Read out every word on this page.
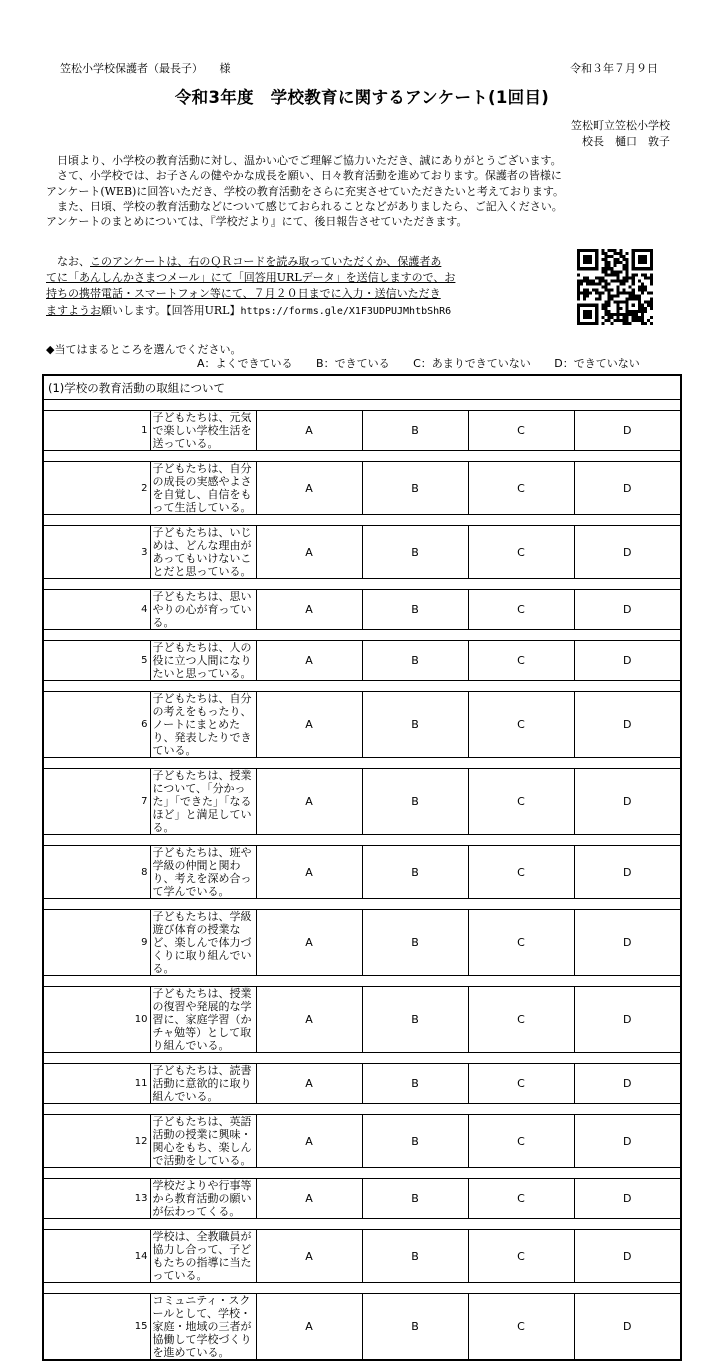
笠松小学校保護者（最長子）　　様	令和３年７月９日
令和3年度　学校教育に関するアンケート(1回目)
笠松町立笠松小学校
校長　樋口　敦子

　日頃より、小学校の教育活動に対し、温かい心でご理解ご協力いただき、誠にありがとうございます。

　さて、小学校では、お子さんの健やかな成長を願い、日々教育活動を進めております。保護者の皆様に

アンケート(WEB)に回答いただき、学校の教育活動をさらに充実させていただきたいと考えております。

　また、日頃、学校の教育活動などについて感じておられることなどがありましたら、ご記入ください。

アンケートのまとめについては、『学校だより』にて、後日報告させていただきます。

　なお、このアンケートは、右のＱＲコードを読み取っていただくか、保護者あ

てに「あんしんかさまつメール」にて「回答用URLデータ」を送信しますので、お

持ちの携帯電話・スマートフォン等にて、７月２０日までに入力・送信いただき

ますようお願いします。【回答用URL】https://forms.gle/X1F3UDPUJMhtbShR6

◆当てはまるところを選んでください。
A：よくできている B：できている C：あまりできていない D：できていない
(1)学校の教育活動の取組について

1	子どもたちは、元気で楽しい学校生活を送っている。	A	B	C	D

2	子どもたちは、自分の成長の実感やよさを自覚し、自信をもって生活している。	A	B	C	D

3	子どもたちは、いじめは、どんな理由があってもいけないことだと思っている。	A	B	C	D

4	子どもたちは、思いやりの心が育っている。	A	B	C	D

5	子どもたちは、人の役に立つ人間になりたいと思っている。	A	B	C	D

6	子どもたちは、自分の考えをもったり、ノートにまとめたり、発表したりできている。	A	B	C	D

7	子どもたちは、授業について、「分かった」「できた」「なるほど」と満足している。	A	B	C	D

8	子どもたちは、班や学級の仲間と関わり、考えを深め合って学んでいる。	A	B	C	D

9	子どもたちは、学級遊び体育の授業など、楽しんで体力づくりに取り組んでいる。	A	B	C	D

10	子どもたちは、授業の復習や発展的な学習に、家庭学習（かチャ勉等）として取り組んでいる。	A	B	C	D

11	子どもたちは、読書活動に意欲的に取り組んでいる。	A	B	C	D

12	子どもたちは、英語活動の授業に興味・関心をもち、楽しんで活動をしている。	A	B	C	D

13	学校だよりや行事等から教育活動の願いが伝わってくる。	A	B	C	D

14	学校は、全教職員が協力し合って、子どもたちの指導に当たっている。	A	B	C	D

15	コミュニティ・スクールとして、学校・家庭・地域の三者が協働して学校づくりを進めている。	A	B	C	D
